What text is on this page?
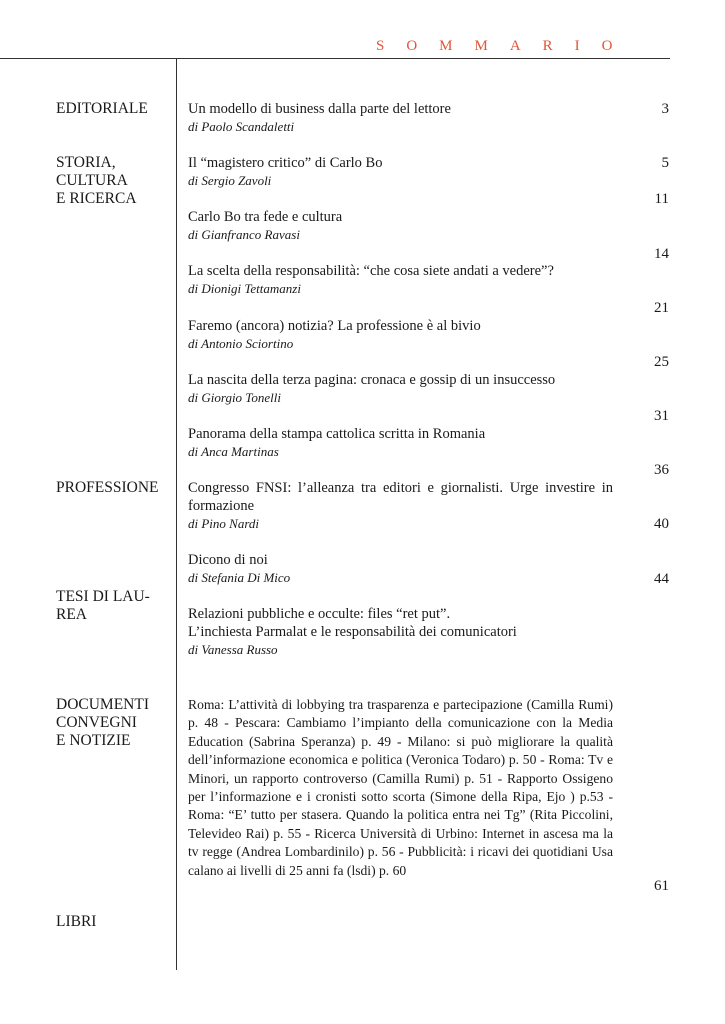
SOMMARIO
EDITORIALE
STORIA,
CULTURA
E RICERCA
PROFESSIONE
TESI DI LAU-
REA
DOCUMENTI
CONVEGNI
E NOTIZIE
LIBRI
Un modello di business dalla parte del lettore
di Paolo Scandaletti
Il “magistero critico” di Carlo Bo
di Sergio Zavoli
Carlo Bo tra fede e cultura
di Gianfranco Ravasi
La scelta della responsabilità: “che cosa siete andati a vedere”?
di Dionigi Tettamanzi
Faremo (ancora) notizia? La professione è al bivio
di Antonio Sciortino
La nascita della terza pagina: cronaca e gossip di un insuccesso
di Giorgio Tonelli
Panorama della stampa cattolica scritta in Romania
di Anca Martinas
Congresso FNSI: l’alleanza tra editori e giornalisti. Urge investire in formazione
di Pino Nardi
Dicono di noi
di Stefania Di Mico
Relazioni pubbliche e occulte: files “ret put”.
L’inchiesta Parmalat e le responsabilità dei comunicatori
di Vanessa Russo
3
5
11
14
21
25
31
36
40
44
61
Roma: L’attività di lobbying tra trasparenza e partecipazione (Camilla Rumi) p. 48 - Pescara: Cambiamo l’impianto della comunicazione con la Media Education (Sabrina Speranza) p. 49 - Milano: si può migliorare la qualità dell’informazione economica e politica (Veronica Todaro) p. 50 - Roma: Tv e Minori, un rapporto controverso (Camilla Rumi) p. 51 - Rapporto Ossigeno per l’informazione e i cronisti sotto scorta (Simone della Ripa, Ejo ) p.53 - Roma: “E’ tutto per stasera. Quando la politica entra nei Tg” (Rita Piccolini, Televideo Rai) p. 55 - Ricerca Università di Urbino: Internet in ascesa ma la tv regge (Andrea Lombardinilo) p. 56 - Pubblicità: i ricavi dei quotidiani Usa calano ai livelli di 25 anni fa (lsdi) p. 60
